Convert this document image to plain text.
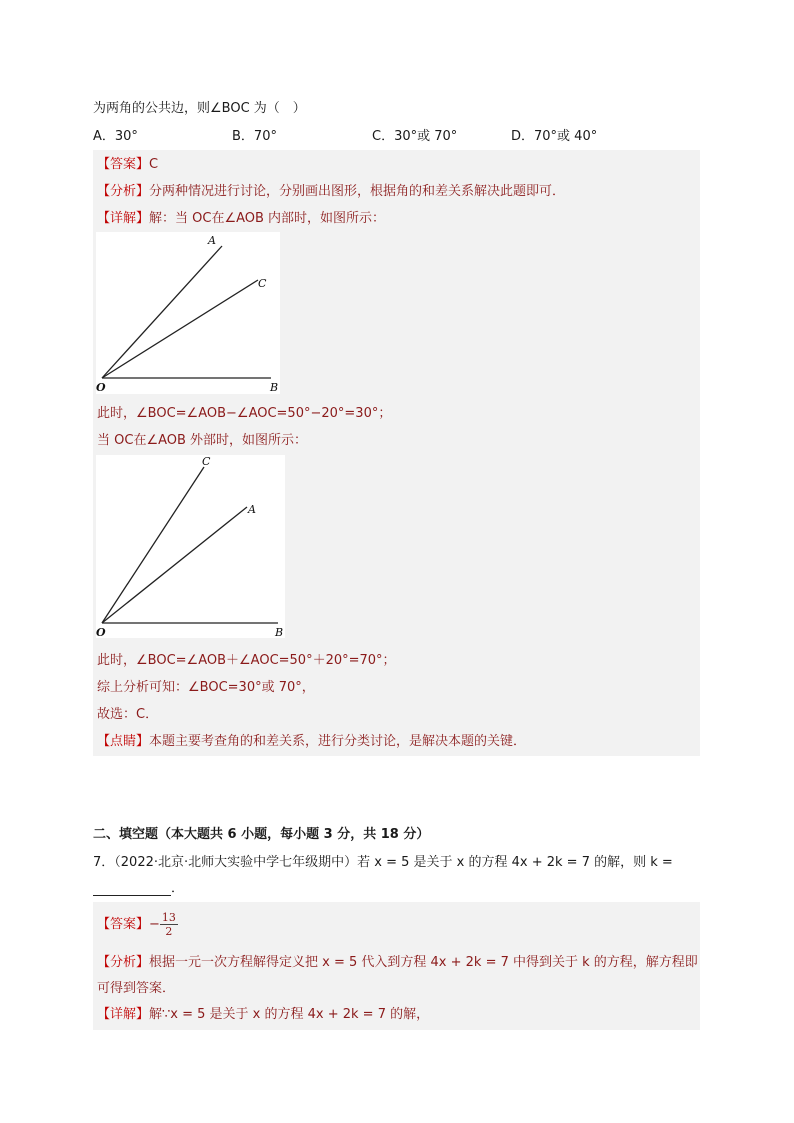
为两角的公共边，则∠BOC 为（　）
A．30°	B．70°	C．30°或 70°	D．70°或 40°
【答案】C
【分析】分两种情况进行讨论，分别画出图形，根据角的和差关系解决此题即可．
【详解】解：当 OC在∠AOB 内部时，如图所示：
A
C
O	B
此时，∠BOC=∠AOB−∠AOC=50°−20°=30°；
当 OC在∠AOB 外部时，如图所示：
C
A
O	B
此时，∠BOC=∠AOB＋∠AOC=50°＋20°=70°；
综上分析可知：∠BOC=30°或 70°，
故选：C．
【点睛】本题主要考查角的和差关系，进行分类讨论，是解决本题的关键．
二、填空题（本大题共 6 小题，每小题 3 分，共 18 分）
7．（2022·北京·北师大实验中学七年级期中）若 x = 5 是关于 x 的方程 4x + 2k = 7 的解，则 k =
．
【答案】− $\frac{13}{2}$
【分析】根据一元一次方程解得定义把 x = 5 代入到方程 4x + 2k = 7 中得到关于 k 的方程，解方程即
可得到答案．
【详解】解∵x = 5 是关于 x 的方程 4x + 2k = 7 的解，
